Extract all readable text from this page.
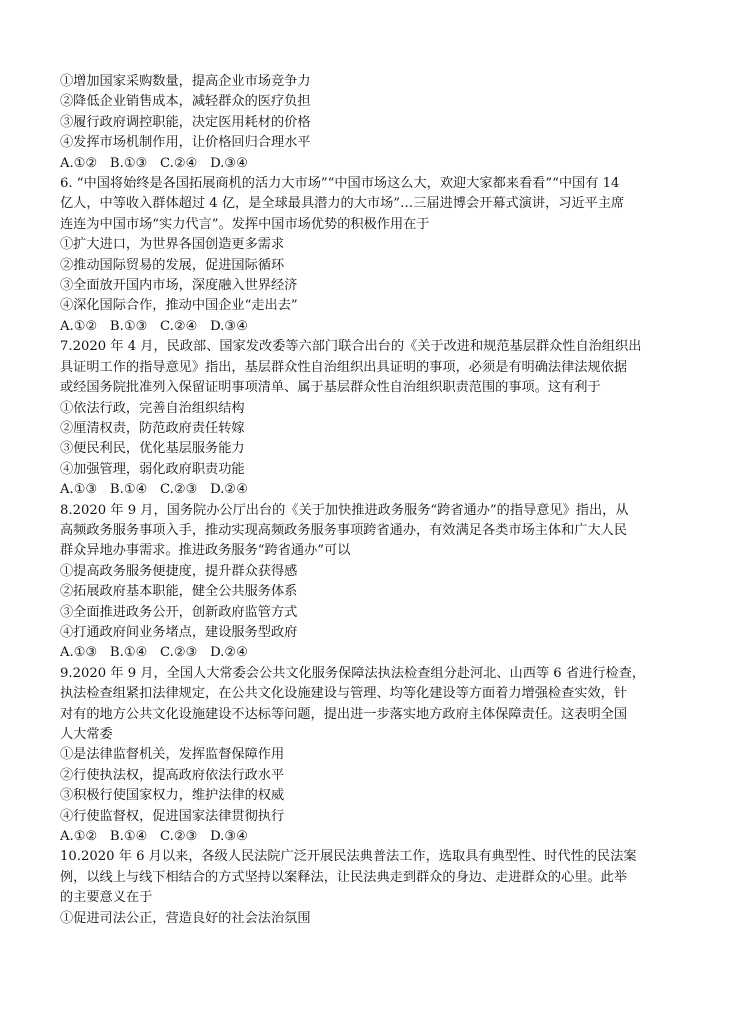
①增加国家采购数量，提高企业市场竞争力
②降低企业销售成本，减轻群众的医疗负担
③履行政府调控职能，决定医用耗材的价格
④发挥市场机制作用，让价格回归合理水平
A.①②   B.①③   C.②④   D.③④
6. “中国将始终是各国拓展商机的活力大市场”“中国市场这么大，欢迎大家都来看看”“中国有 14
亿人，中等收入群体超过 4 亿，是全球最具潜力的大市场”…三届进博会开幕式演讲，习近平主席
连连为中国市场“实力代言”。发挥中国市场优势的积极作用在于
①扩大进口，为世界各国创造更多需求
②推动国际贸易的发展，促进国际循环
③全面放开国内市场，深度融入世界经济
④深化国际合作，推动中国企业“走出去”
A.①②   B.①③   C.②④   D.③④
7.2020 年 4 月，民政部、国家发改委等六部门联合出台的《关于改进和规范基层群众性自治组织出
具证明工作的指导意见》指出，基层群众性自治组织出具证明的事项，必须是有明确法律法规依据
或经国务院批准列入保留证明事项清单、属于基层群众性自治组织职责范围的事项。这有利于
①依法行政，完善自治组织结构
②厘清权责，防范政府责任转嫁
③便民利民，优化基层服务能力
④加强管理，弱化政府职责功能
A.①③   B.①④   C.②③   D.②④
8.2020 年 9 月，国务院办公厅出台的《关于加快推进政务服务“跨省通办”的指导意见》指出，从
高频政务服务事项入手，推动实现高频政务服务事项跨省通办，有效满足各类市场主体和广大人民
群众异地办事需求。推进政务服务“跨省通办”可以
①提高政务服务便捷度，提升群众获得感
②拓展政府基本职能，健全公共服务体系
③全面推进政务公开，创新政府监管方式
④打通政府间业务堵点，建设服务型政府
A.①③   B.①④   C.②③   D.②④
9.2020 年 9 月，全国人大常委会公共文化服务保障法执法检查组分赴河北、山西等 6 省进行检查，
执法检查组紧扣法律规定，在公共文化设施建设与管理、均等化建设等方面着力增强检查实效，针
对有的地方公共文化设施建设不达标等问题，提出进一步落实地方政府主体保障责任。这表明全国
人大常委
①是法律监督机关，发挥监督保障作用
②行使执法权，提高政府依法行政水平
③积极行使国家权力，维护法律的权威
④行使监督权，促进国家法律贯彻执行
A.①②   B.①④   C.②③   D.③④
10.2020 年 6 月以来，各级人民法院广泛开展民法典普法工作，选取具有典型性、时代性的民法案
例，以线上与线下相结合的方式坚持以案释法，让民法典走到群众的身边、走进群众的心里。此举
的主要意义在于
①促进司法公正，营造良好的社会法治氛围
